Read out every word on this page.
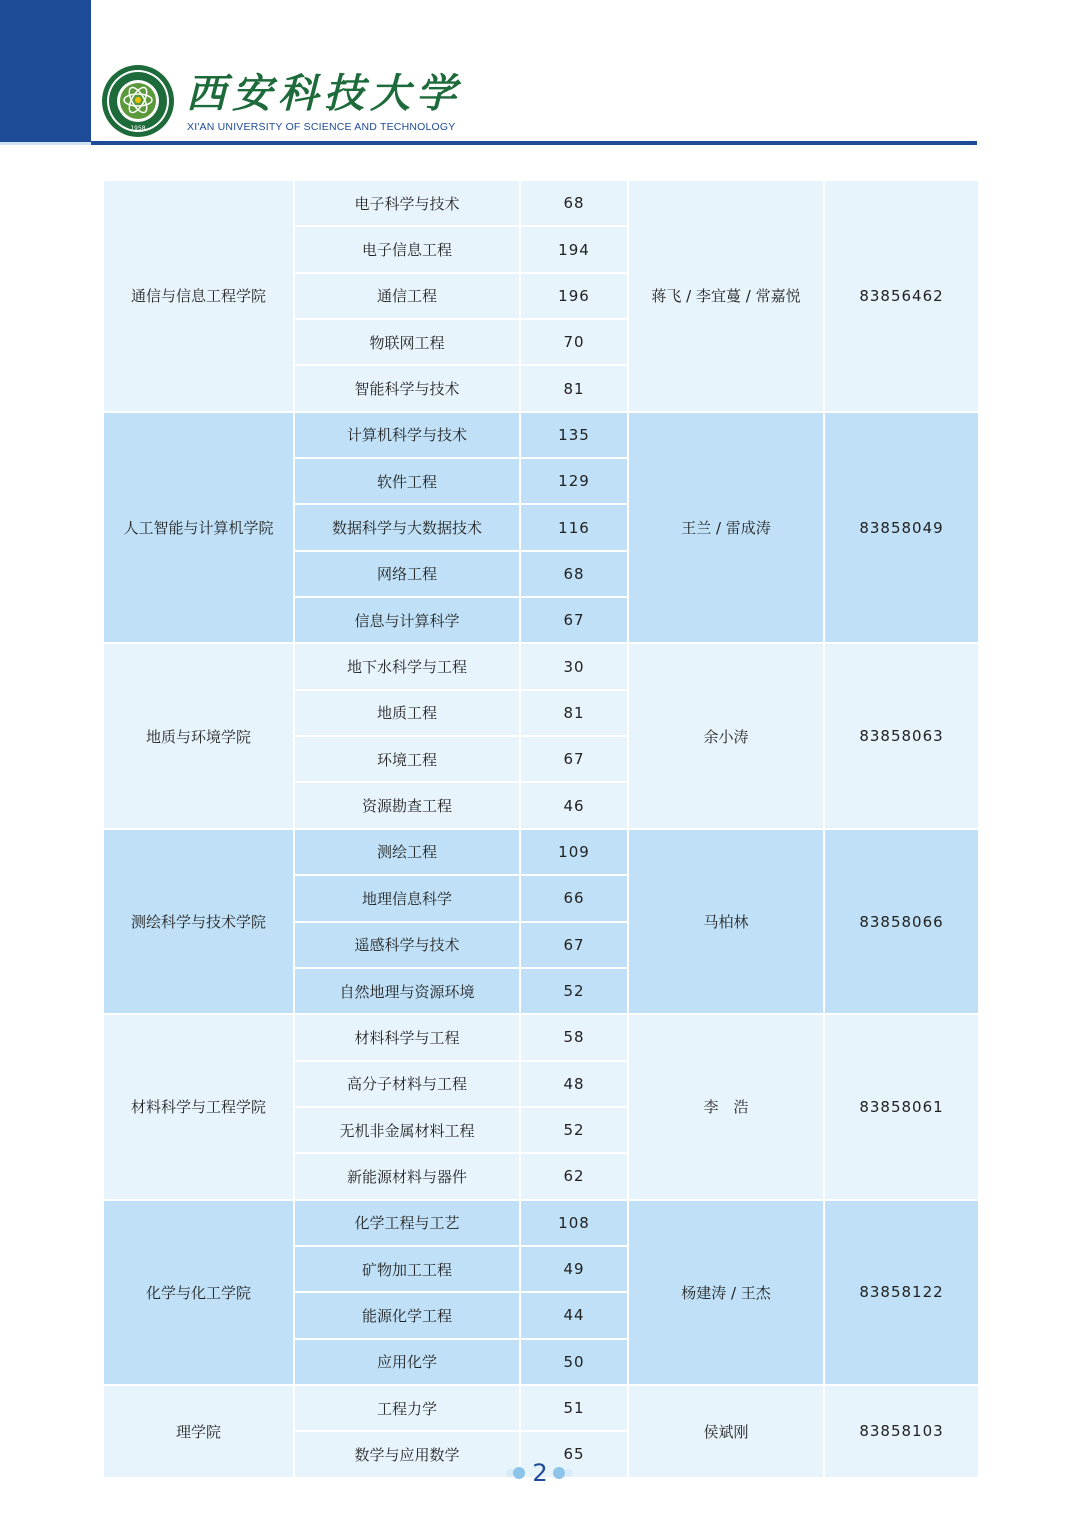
1958
西安科技大学
XI'AN UNIVERSITY OF SCIENCE AND TECHNOLOGY
通信与信息工程学院	电子科学与技术	68	蒋飞 / 李宜蔓 / 常嘉悦	83856462
	电子信息工程	194		
	通信工程	196		
	物联网工程	70		
	智能科学与技术	81		
人工智能与计算机学院	计算机科学与技术	135	王兰 / 雷成涛	83858049
	软件工程	129		
	数据科学与大数据技术	116		
	网络工程	68		
	信息与计算科学	67		
地质与环境学院	地下水科学与工程	30	余小涛	83858063
	地质工程	81		
	环境工程	67		
	资源勘查工程	46		
测绘科学与技术学院	测绘工程	109	马柏林	83858066
	地理信息科学	66		
	遥感科学与技术	67		
	自然地理与资源环境	52		
材料科学与工程学院	材料科学与工程	58	李　浩	83858061
	高分子材料与工程	48		
	无机非金属材料工程	52		
	新能源材料与器件	62		
化学与化工学院	化学工程与工艺	108	杨建涛 / 王杰	83858122
	矿物加工工程	49		
	能源化学工程	44		
	应用化学	50		
理学院	工程力学	51	侯斌刚	83858103
	数学与应用数学	65		
2
